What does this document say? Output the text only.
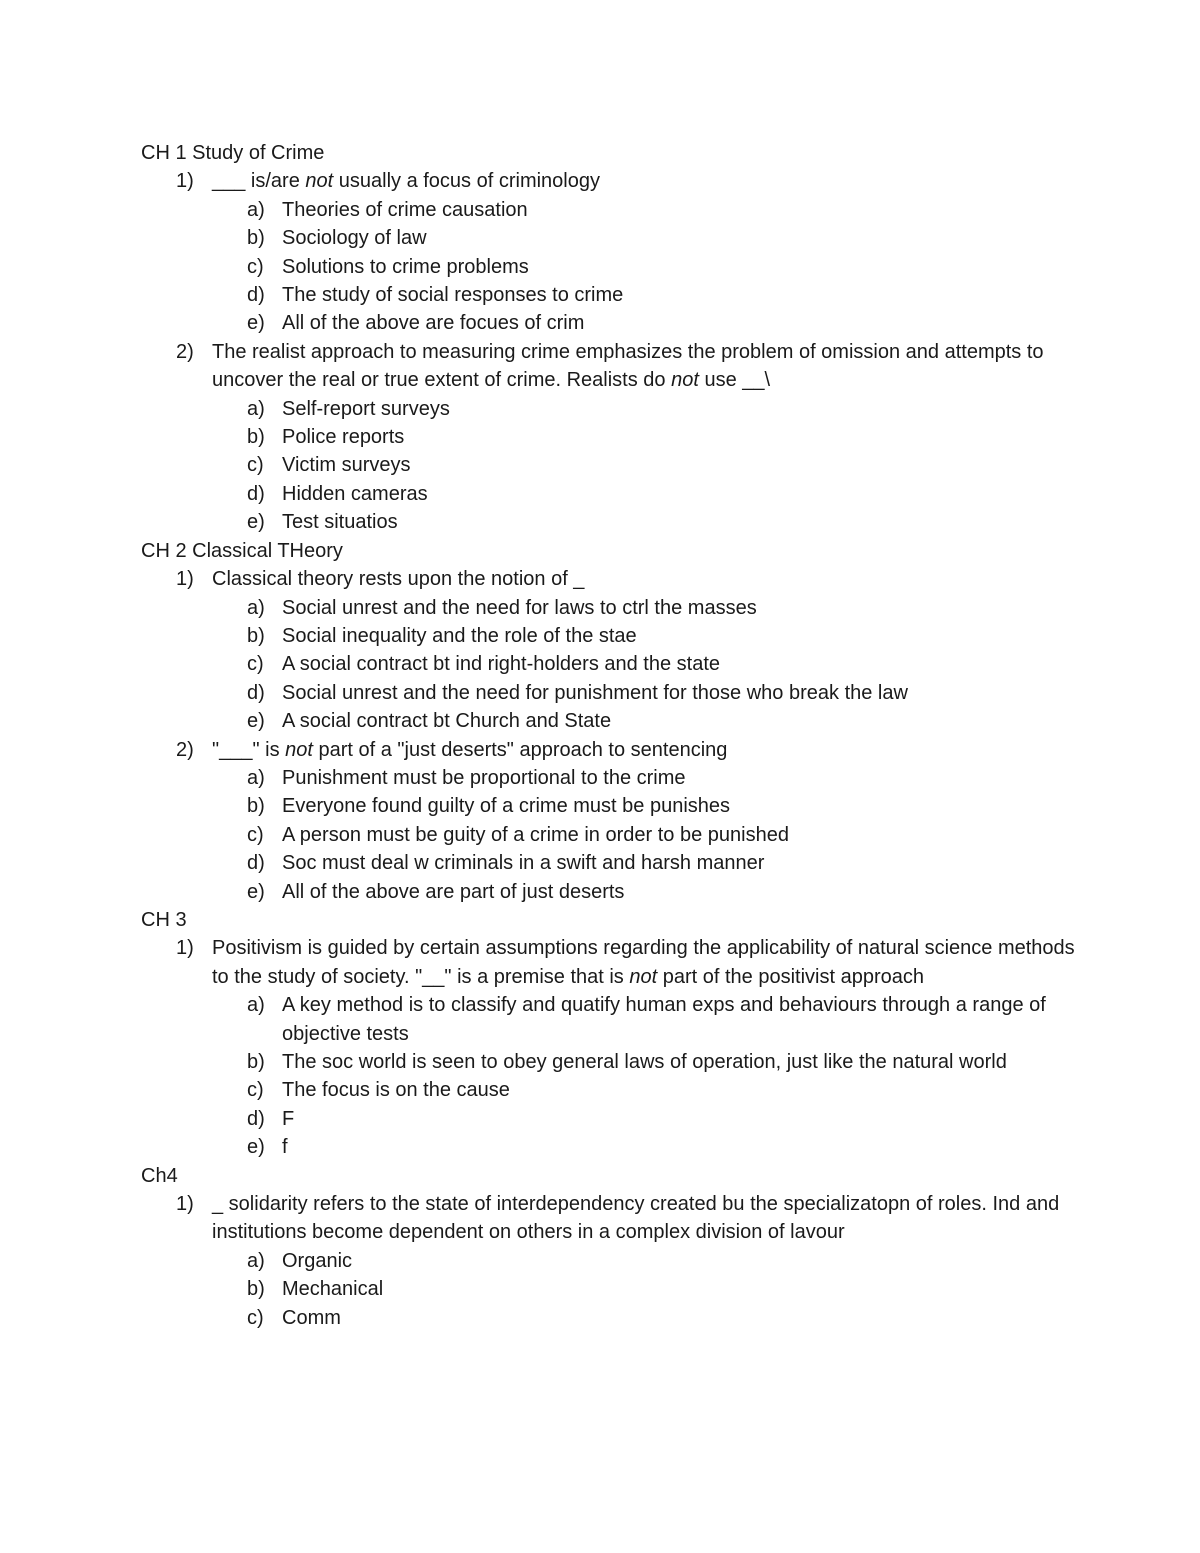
CH 1 Study of Crime
1) ___ is/are not usually a focus of criminology
a) Theories of crime causation
b) Sociology of law
c) Solutions to crime problems
d) The study of social responses to crime
e) All of the above are focues of crim
2) The realist approach to measuring crime emphasizes the problem of omission and attempts to uncover the real or true extent of crime. Realists do not use __\
a) Self-report surveys
b) Police reports
c) Victim surveys
d) Hidden cameras
e) Test situatios
CH 2 Classical THeory
1) Classical theory rests upon the notion of _
a) Social unrest and the need for laws to ctrl the masses
b) Social inequality and the role of the stae
c) A social contract bt ind right-holders and the state
d) Social unrest and the need for punishment for those who break the law
e) A social contract bt Church and State
2) "___" is not part of a "just deserts" approach to sentencing
a) Punishment must be proportional to the crime
b) Everyone found guilty of a crime must be punishes
c) A person must be guity of a crime in order to be punished
d) Soc must deal w criminals in a swift and harsh manner
e) All of the above are part of just deserts
CH 3
1) Positivism is guided by certain assumptions regarding the applicability of natural science methods to the study of society. "__" is a premise that is not part of the positivist approach
a) A key method is to classify and quatify human exps and behaviours through a range of objective tests
b) The soc world is seen to obey general laws of operation, just like the natural world
c) The focus is on the cause
d) F
e) f
Ch4
1) _ solidarity refers to the state of interdependency created bu the specializatopn of roles. Ind and institutions become dependent on others in a complex division of lavour
a) Organic
b) Mechanical
c) Comm
